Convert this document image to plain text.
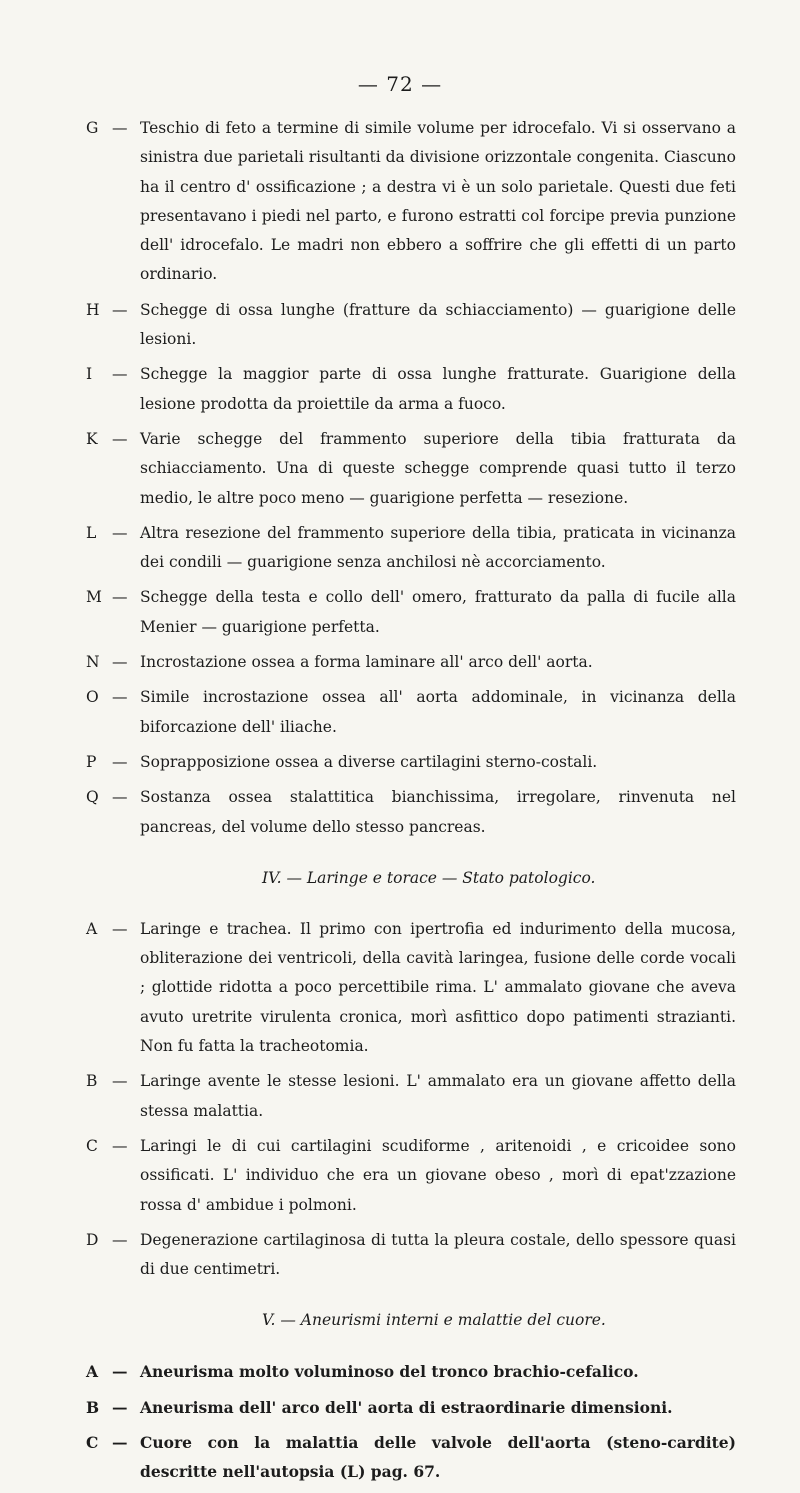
— 72 —
G — Teschio di feto a termine di simile volume per idrocefalo. Vi si osservano a sinistra due parietali risultanti da divisione orizzontale congenita. Ciascuno ha il centro d' ossificazione ; a destra vi è un solo parietale. Questi due feti presentavano i piedi nel parto, e furono estratti col forcipe previa punzione dell' idrocefalo. Le madri non ebbero a soffrire che gli effetti di un parto ordinario.
H — Schegge di ossa lunghe (fratture da schiacciamento) — guarigione delle lesioni.
I	— Schegge la maggior parte di ossa lunghe fratturate. Guarigione della lesione prodotta da proiettile da arma a fuoco.
K — Varie schegge del frammento superiore della tibia fratturata da schiacciamento. Una di queste schegge comprende quasi tutto il terzo medio, le altre poco meno — guarigione perfetta — resezione.
L	— Altra resezione del frammento superiore della tibia, praticata in vicinanza dei condili — guarigione senza anchilosi nè accorciamento.
M — Schegge della testa e collo dell' omero, fratturato da palla di fucile alla Menier — guarigione perfetta.
N — Incrostazione ossea a forma laminare all' arco dell' aorta.
O — Simile incrostazione ossea all' aorta addominale, in vicinanza della biforcazione dell' iliache.
P	— Soprapposizione ossea a diverse cartilagini sterno-costali.
Q — Sostanza ossea stalattitica bianchissima, irregolare, rinvenuta nel pancreas, del volume dello stesso pancreas.
IV. — Laringe e torace — Stato patologico.
A — Laringe e trachea. Il primo con ipertrofia ed indurimento della mucosa, obliterazione dei ventricoli, della cavità laringea, fusione delle corde vocali ; glottide ridotta a poco percettibile rima. L' ammalato giovane che aveva avuto uretrite virulenta cronica, morì asfittico dopo patimenti strazianti. Non fu fatta la tracheotomia.
B — Laringe avente le stesse lesioni. L' ammalato era un giovane affetto della stessa malattia.
C — Laringi le di cui cartilagini scudiforme , aritenoidi , e cricoidee sono ossificati. L' individuo che era un giovane obeso , morì di epat'zzazione rossa d' ambidue i polmoni.
D — Degenerazione cartilaginosa di tutta la pleura costale, dello spessore quasi di due centimetri.
V. — Aneurismi interni e malattie del cuore.
A — Aneurisma molto voluminoso del tronco brachio-cefalico.
B — Aneurisma dell' arco dell' aorta di estraordinarie dimensioni.
C — Cuore con la malattia delle valvole dell'aorta (steno-cardite) descritte nell'autopsia (L) pag. 67.
